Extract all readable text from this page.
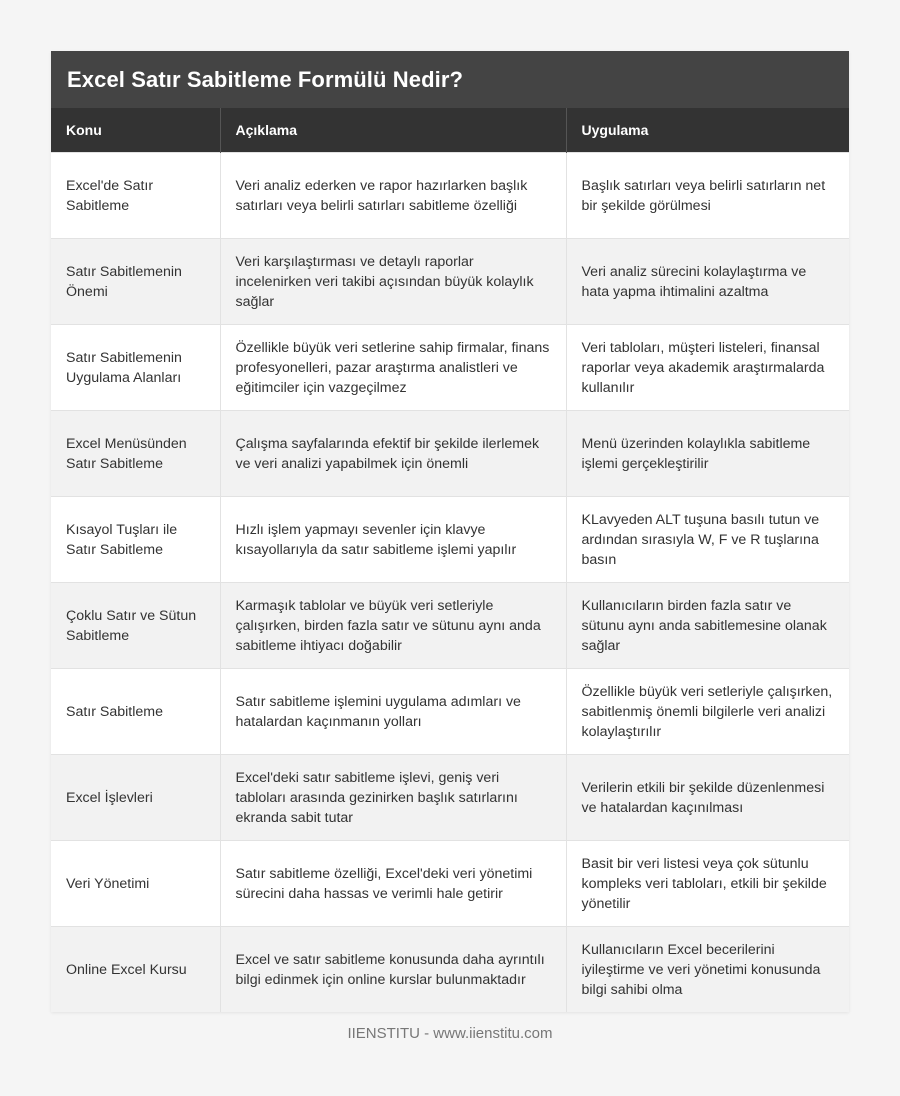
Excel Satır Sabitleme Formülü Nedir?
Konu	Açıklama	Uygulama
Excel'de Satır Sabitleme	Veri analiz ederken ve rapor hazırlarken başlık satırları veya belirli satırları sabitleme özelliği	Başlık satırları veya belirli satırların net bir şekilde görülmesi
Satır Sabitlemenin Önemi	Veri karşılaştırması ve detaylı raporlar incelenirken veri takibi açısından büyük kolaylık sağlar	Veri analiz sürecini kolaylaştırma ve hata yapma ihtimalini azaltma
Satır Sabitlemenin Uygulama Alanları	Özellikle büyük veri setlerine sahip firmalar, finans profesyonelleri, pazar araştırma analistleri ve eğitimciler için vazgeçilmez	Veri tabloları, müşteri listeleri, finansal raporlar veya akademik araştırmalarda kullanılır
Excel Menüsünden Satır Sabitleme	Çalışma sayfalarında efektif bir şekilde ilerlemek ve veri analizi yapabilmek için önemli	Menü üzerinden kolaylıkla sabitleme işlemi gerçekleştirilir
Kısayol Tuşları ile Satır Sabitleme	Hızlı işlem yapmayı sevenler için klavye kısayollarıyla da satır sabitleme işlemi yapılır	KLavyeden ALT tuşuna basılı tutun ve ardından sırasıyla W, F ve R tuşlarına basın
Çoklu Satır ve Sütun Sabitleme	Karmaşık tablolar ve büyük veri setleriyle çalışırken, birden fazla satır ve sütunu aynı anda sabitleme ihtiyacı doğabilir	Kullanıcıların birden fazla satır ve sütunu aynı anda sabitlemesine olanak sağlar
Satır Sabitleme	Satır sabitleme işlemini uygulama adımları ve hatalardan kaçınmanın yolları	Özellikle büyük veri setleriyle çalışırken, sabitlenmiş önemli bilgilerle veri analizi kolaylaştırılır
Excel İşlevleri	Excel'deki satır sabitleme işlevi, geniş veri tabloları arasında gezinirken başlık satırlarını ekranda sabit tutar	Verilerin etkili bir şekilde düzenlenmesi ve hatalardan kaçınılması
Veri Yönetimi	Satır sabitleme özelliği, Excel'deki veri yönetimi sürecini daha hassas ve verimli hale getirir	Basit bir veri listesi veya çok sütunlu kompleks veri tabloları, etkili bir şekilde yönetilir
Online Excel Kursu	Excel ve satır sabitleme konusunda daha ayrıntılı bilgi edinmek için online kurslar bulunmaktadır	Kullanıcıların Excel becerilerini iyileştirme ve veri yönetimi konusunda bilgi sahibi olma
IIENSTITU - www.iienstitu.com
